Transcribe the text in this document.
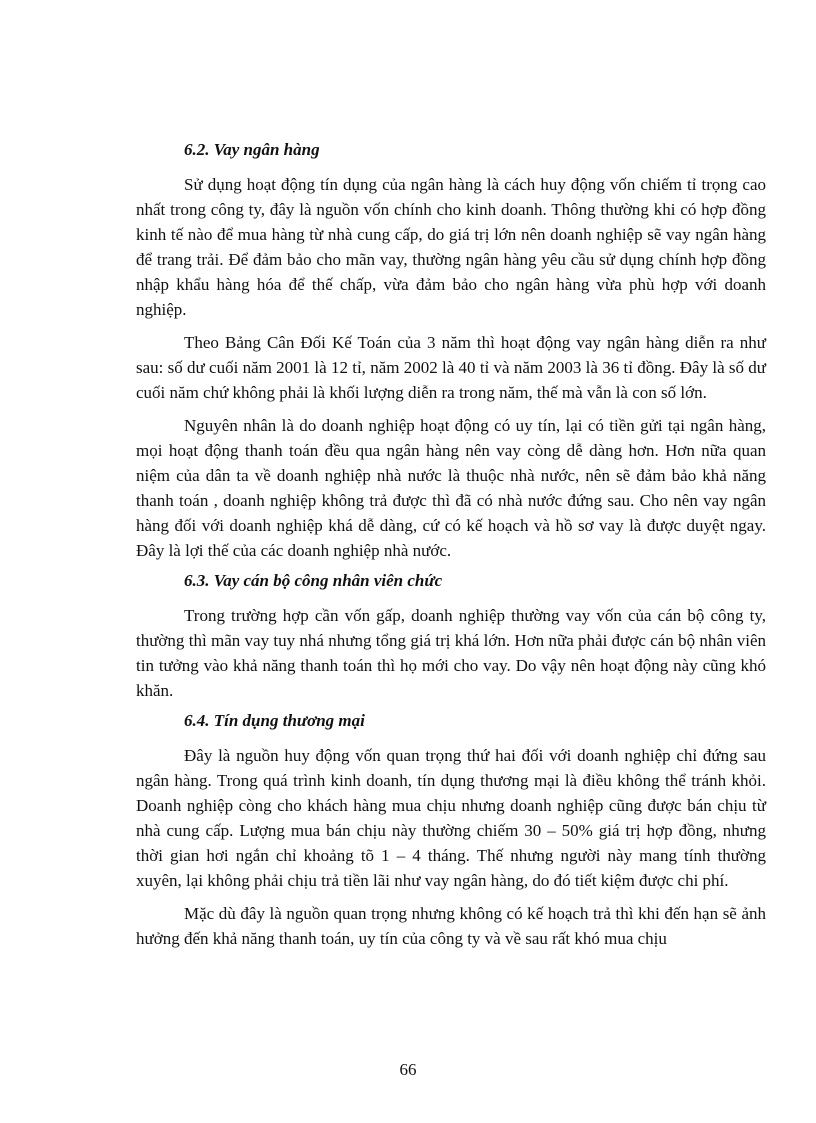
6.2. Vay ngân hàng

Sử dụng hoạt động tín dụng của ngân hàng là cách huy động vốn chiếm tỉ trọng cao nhất trong công ty, đây là nguồn vốn chính cho kinh doanh. Thông thường khi có hợp đồng kinh tế nào để mua hàng từ nhà cung cấp, do giá trị lớn nên doanh nghiệp sẽ vay ngân hàng để trang trải. Để đảm bảo cho mãn vay, thường ngân hàng yêu cầu sử dụng chính hợp đồng nhập khẩu hàng hóa để thế chấp, vừa đảm bảo cho ngân hàng vừa phù hợp với doanh nghiệp.

Theo Bảng Cân Đối Kế Toán của 3 năm thì hoạt động vay ngân hàng diễn ra như sau: số dư cuối năm 2001 là 12 tỉ, năm 2002 là 40 tỉ và năm 2003 là 36 tỉ đồng. Đây là số dư cuối năm chứ không phải là khối lượng diễn ra trong năm, thế mà vẫn là con số lớn.

Nguyên nhân là do doanh nghiệp hoạt động có uy tín, lại có tiền gửi tại ngân hàng, mọi hoạt động thanh toán đều qua ngân hàng nên vay còng dễ dàng hơn. Hơn nữa quan niệm của dân ta về doanh nghiệp nhà nước là thuộc nhà nước, nên sẽ đảm bảo khả năng thanh toán , doanh nghiệp không trả được thì đã có nhà nước đứng sau. Cho nên vay ngân hàng đối với doanh nghiệp khá dễ dàng, cứ có kế hoạch và hồ sơ vay là được duyệt ngay. Đây là lợi thế của các doanh nghiệp nhà nước.

6.3. Vay cán bộ công nhân viên chức

Trong trường hợp cần vốn gấp, doanh nghiệp thường vay vốn của cán bộ công ty, thường thì mãn vay tuy nhá nhưng tổng giá trị khá lớn. Hơn nữa phải được cán bộ nhân viên tin tưởng vào khả năng thanh toán thì họ mới cho vay. Do vậy nên hoạt động này cũng khó khăn.

6.4. Tín dụng thương mại

Đây là nguồn huy động vốn quan trọng thứ hai đối với doanh nghiệp chỉ đứng sau ngân hàng. Trong quá trình kinh doanh, tín dụng thương mại là điều không thể tránh khỏi. Doanh nghiệp còng cho khách hàng mua chịu nhưng doanh nghiệp cũng được bán chịu từ nhà cung cấp. Lượng mua bán chịu này thường chiếm 30 – 50% giá trị hợp đồng, nhưng thời gian hơi ngắn chỉ khoảng tõ 1 – 4 tháng. Thế nhưng người này mang tính thường xuyên, lại không phải chịu trả tiền lãi như vay ngân hàng, do đó tiết kiệm được chi phí.

Mặc dù đây là nguồn quan trọng nhưng không có kế hoạch trả thì khi đến hạn sẽ ảnh hưởng đến khả năng thanh toán, uy tín của công ty và về sau rất khó mua chịu

66
